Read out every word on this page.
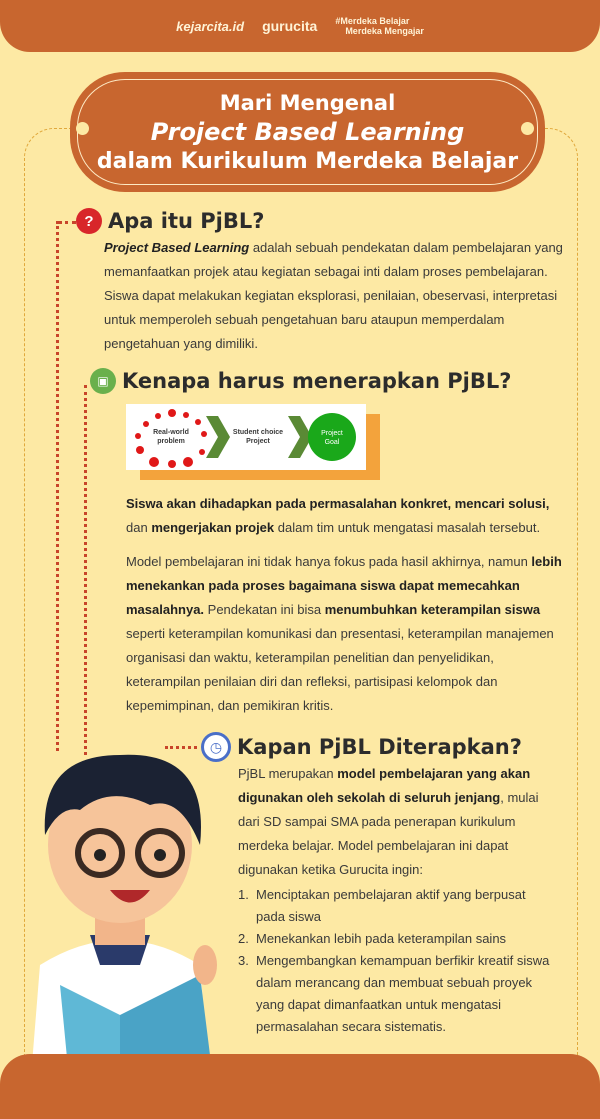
kejarcita.id gurucita #Merdeka Belajar
Merdeka Mengajar
Mari Mengenal
Project Based Learning
dalam Kurikulum Merdeka Belajar
? Apa itu PjBL?
Project Based Learning adalah sebuah pendekatan dalam pembelajaran yang memanfaatkan projek atau kegiatan sebagai inti dalam proses pembelajaran. Siswa dapat melakukan kegiatan eksplorasi, penilaian, obeservasi, interpretasi untuk memperoleh sebuah pengetahuan baru ataupun memperdalam pengetahuan yang dimiliki.
▣ Kenapa harus menerapkan PjBL?
Real-world problem
Student choice Project
Project Goal
Siswa akan dihadapkan pada permasalahan konkret, mencari solusi, dan mengerjakan projek dalam tim untuk mengatasi masalah tersebut.
Model pembelajaran ini tidak hanya fokus pada hasil akhirnya, namun lebih menekankan pada proses bagaimana siswa dapat memecahkan masalahnya. Pendekatan ini bisa menumbuhkan keterampilan siswa seperti keterampilan komunikasi dan presentasi, keterampilan manajemen organisasi dan waktu, keterampilan penelitian dan penyelidikan, keterampilan penilaian diri dan refleksi, partisipasi kelompok dan kepemimpinan, dan pemikiran kritis.
◷ Kapan PjBL Diterapkan?
PjBL merupakan model pembelajaran yang akan digunakan oleh sekolah di seluruh jenjang, mulai dari SD sampai SMA pada penerapan kurikulum merdeka belajar. Model pembelajaran ini dapat digunakan ketika Gurucita ingin:
1. Menciptakan pembelajaran aktif yang berpusat pada siswa
2. Menekankan lebih pada keterampilan sains
3. Mengembangkan kemampuan berfikir kreatif siswa dalam merancang dan membuat sebuah proyek yang dapat dimanfaatkan untuk mengatasi permasalahan secara sistematis.
